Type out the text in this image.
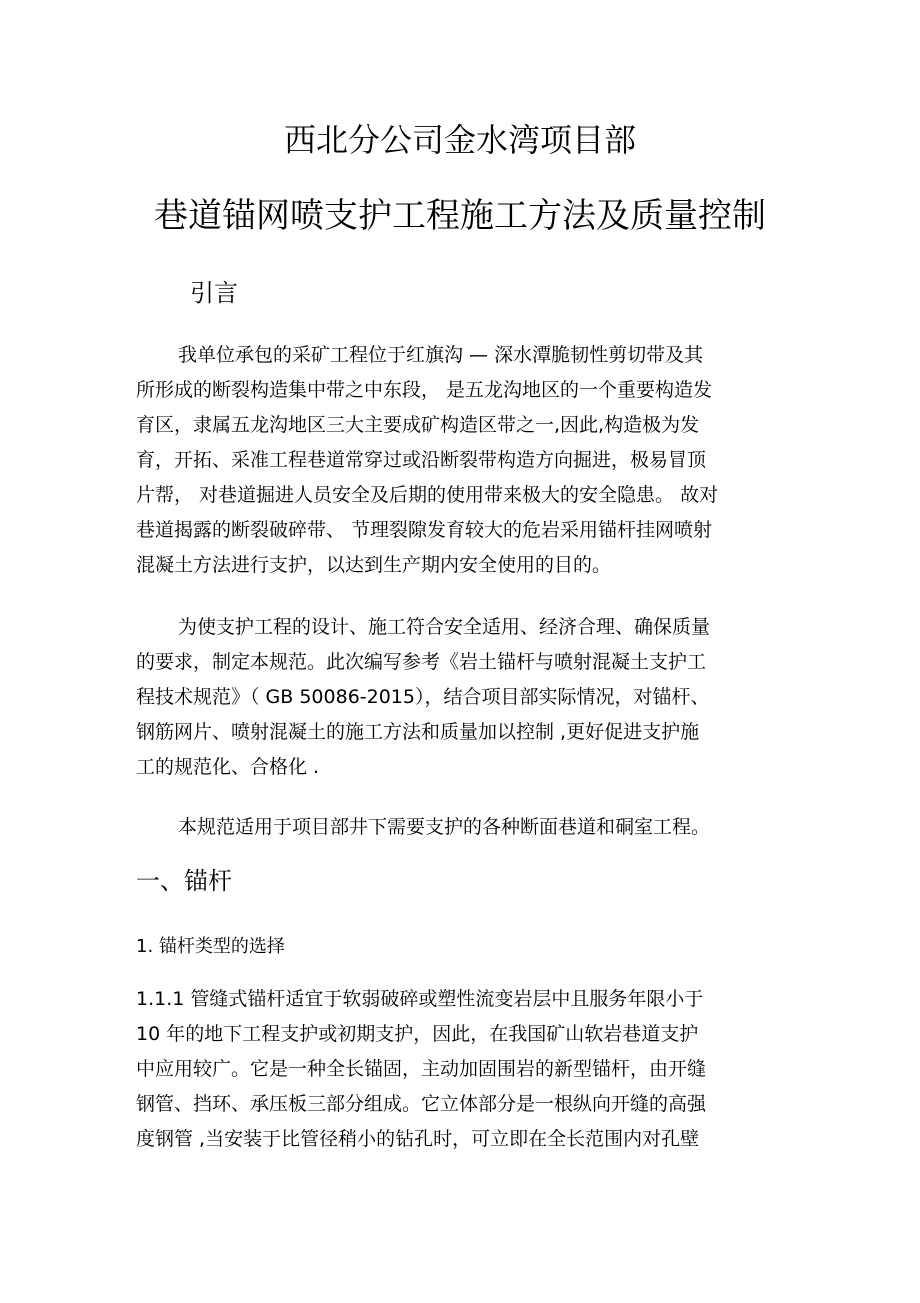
西北分公司金水湾项目部
巷道锚网喷支护工程施工方法及质量控制
引言
我单位承包的采矿工程位于红旗沟 — 深水潭脆韧性剪切带及其
所形成的断裂构造集中带之中东段， 是五龙沟地区的一个重要构造发
育区，隶属五龙沟地区三大主要成矿构造区带之一,因此,构造极为发
育，开拓、采准工程巷道常穿过或沿断裂带构造方向掘进，极易冒顶
片帮， 对巷道掘进人员安全及后期的使用带来极大的安全隐患。 故对
巷道揭露的断裂破碎带、 节理裂隙发育较大的危岩采用锚杆挂网喷射
混凝土方法进行支护，以达到生产期内安全使用的目的。
为使支护工程的设计、施工符合安全适用、经济合理、确保质量
的要求，制定本规范。此次编写参考《岩土锚杆与喷射混凝土支护工
程技术规范》（ GB 50086-2015），结合项目部实际情况，对锚杆、
钢筋网片、喷射混凝土的施工方法和质量加以控制 ,更好促进支护施
工的规范化、合格化 .
本规范适用于项目部井下需要支护的各种断面巷道和硐室工程。
一、锚杆
1. 锚杆类型的选择
1.1.1 管缝式锚杆适宜于软弱破碎或塑性流变岩层中且服务年限小于
10 年的地下工程支护或初期支护，因此，在我国矿山软岩巷道支护
中应用较广。它是一种全长锚固，主动加固围岩的新型锚杆，由开缝
钢管、挡环、承压板三部分组成。它立体部分是一根纵向开缝的高强
度钢管 ,当安装于比管径稍小的钻孔时，可立即在全长范围内对孔壁
